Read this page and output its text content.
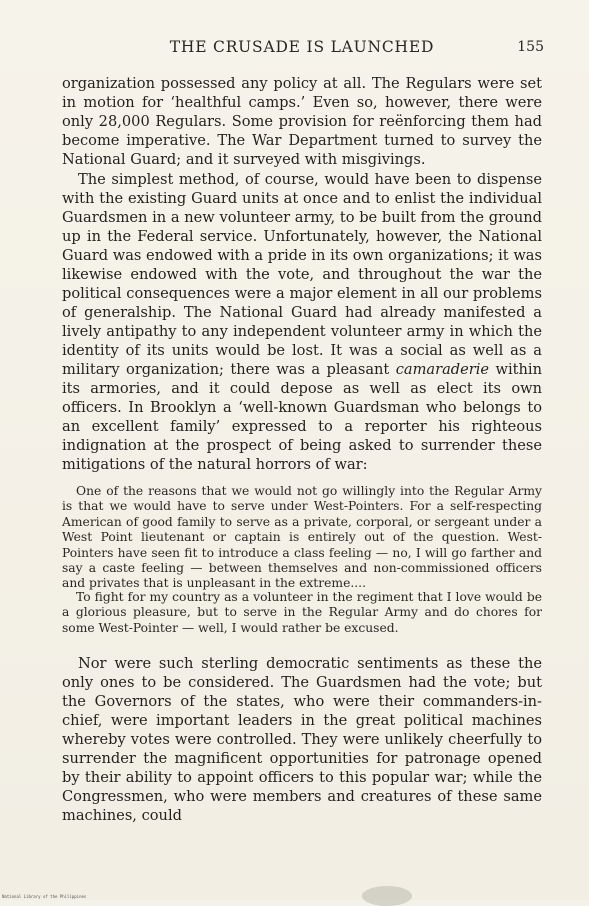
THE CRUSADE IS LAUNCHED	155

organization possessed any policy at all. The Regulars were set in motion for ‘healthful camps.’ Even so, however, there were only 28,000 Regulars. Some provision for reënforcing them had become imperative. The War Department turned to survey the National Guard; and it surveyed with misgivings.

The simplest method, of course, would have been to dispense with the existing Guard units at once and to enlist the individual Guardsmen in a new volunteer army, to be built from the ground up in the Federal service. Unfortunately, however, the National Guard was endowed with a pride in its own organizations; it was likewise endowed with the vote, and throughout the war the political consequences were a major element in all our problems of generalship. The National Guard had already manifested a lively antipathy to any independent volunteer army in which the identity of its units would be lost. It was a social as well as a military organization; there was a pleasant camaraderie within its armories, and it could depose as well as elect its own officers. In Brooklyn a ‘well-known Guardsman who belongs to an excellent family’ expressed to a reporter his righteous indignation at the prospect of being asked to surrender these mitigations of the natural horrors of war:

One of the reasons that we would not go willingly into the Regular Army is that we would have to serve under West-Pointers. For a self-respecting American of good family to serve as a private, corporal, or sergeant under a West Point lieutenant or captain is entirely out of the question. West-Pointers have seen fit to introduce a class feeling — no, I will go farther and say a caste feeling — between themselves and non-commissioned officers and privates that is unpleasant in the extreme....

To fight for my country as a volunteer in the regiment that I love would be a glorious pleasure, but to serve in the Regular Army and do chores for some West-Pointer — well, I would rather be excused.

Nor were such sterling democratic sentiments as these the only ones to be considered. The Guardsmen had the vote; but the Governors of the states, who were their commanders-in-chief, were important leaders in the great political machines whereby votes were controlled. They were unlikely cheerfully to surrender the magnificent opportunities for patronage opened by their ability to appoint officers to this popular war; while the Congressmen, who were members and creatures of these same machines, could

National Library of the Philippines
